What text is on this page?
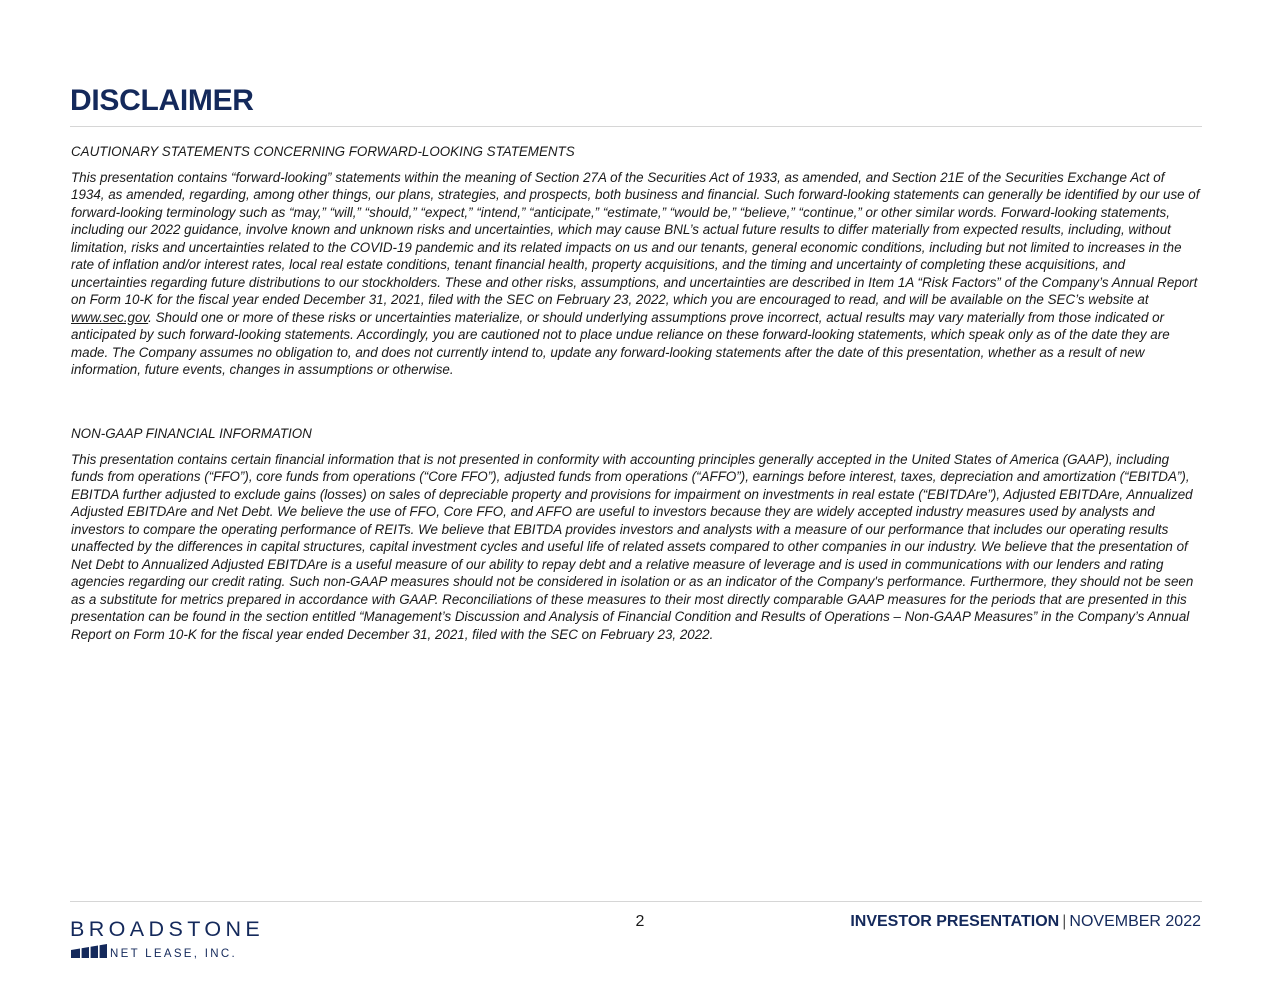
DISCLAIMER

CAUTIONARY STATEMENTS CONCERNING FORWARD-LOOKING STATEMENTS

This presentation contains “forward-looking” statements within the meaning of Section 27A of the Securities Act of 1933, as amended, and Section 21E of the Securities Exchange Act of 1934, as amended, regarding, among other things, our plans, strategies, and prospects, both business and financial. Such forward-looking statements can generally be identified by our use of forward-looking terminology such as “may,” “will,” “should,” “expect,” “intend,” “anticipate,” “estimate,” “would be,” “believe,” “continue,” or other similar words. Forward-looking statements, including our 2022 guidance, involve known and unknown risks and uncertainties, which may cause BNL’s actual future results to differ materially from expected results, including, without limitation, risks and uncertainties related to the COVID-19 pandemic and its related impacts on us and our tenants, general economic conditions, including but not limited to increases in the rate of inflation and/or interest rates, local real estate conditions, tenant financial health, property acquisitions, and the timing and uncertainty of completing these acquisitions, and uncertainties regarding future distributions to our stockholders. These and other risks, assumptions, and uncertainties are described in Item 1A “Risk Factors” of the Company’s Annual Report on Form 10-K for the fiscal year ended December 31, 2021, filed with the SEC on February 23, 2022, which you are encouraged to read, and will be available on the SEC’s website at www.sec.gov. Should one or more of these risks or uncertainties materialize, or should underlying assumptions prove incorrect, actual results may vary materially from those indicated or anticipated by such forward-looking statements. Accordingly, you are cautioned not to place undue reliance on these forward-looking statements, which speak only as of the date they are made. The Company assumes no obligation to, and does not currently intend to, update any forward-looking statements after the date of this presentation, whether as a result of new information, future events, changes in assumptions or otherwise.

NON-GAAP FINANCIAL INFORMATION

This presentation contains certain financial information that is not presented in conformity with accounting principles generally accepted in the United States of America (GAAP), including funds from operations (“FFO”), core funds from operations (“Core FFO”), adjusted funds from operations (“AFFO”), earnings before interest, taxes, depreciation and amortization (“EBITDA”), EBITDA further adjusted to exclude gains (losses) on sales of depreciable property and provisions for impairment on investments in real estate (“EBITDAre”), Adjusted EBITDAre, Annualized Adjusted EBITDAre and Net Debt. We believe the use of FFO, Core FFO, and AFFO are useful to investors because they are widely accepted industry measures used by analysts and investors to compare the operating performance of REITs. We believe that EBITDA provides investors and analysts with a measure of our performance that includes our operating results unaffected by the differences in capital structures, capital investment cycles and useful life of related assets compared to other companies in our industry. We believe that the presentation of Net Debt to Annualized Adjusted EBITDAre is a useful measure of our ability to repay debt and a relative measure of leverage and is used in communications with our lenders and rating agencies regarding our credit rating. Such non-GAAP measures should not be considered in isolation or as an indicator of the Company's performance. Furthermore, they should not be seen as a substitute for metrics prepared in accordance with GAAP. Reconciliations of these measures to their most directly comparable GAAP measures for the periods that are presented in this presentation can be found in the section entitled “Management’s Discussion and Analysis of Financial Condition and Results of Operations – Non-GAAP Measures” in the Company’s Annual Report on Form 10-K for the fiscal year ended December 31, 2021, filed with the SEC on February 23, 2022.

BROADSTONE
NET LEASE, INC.
2	INVESTOR PRESENTATION | NOVEMBER 2022
